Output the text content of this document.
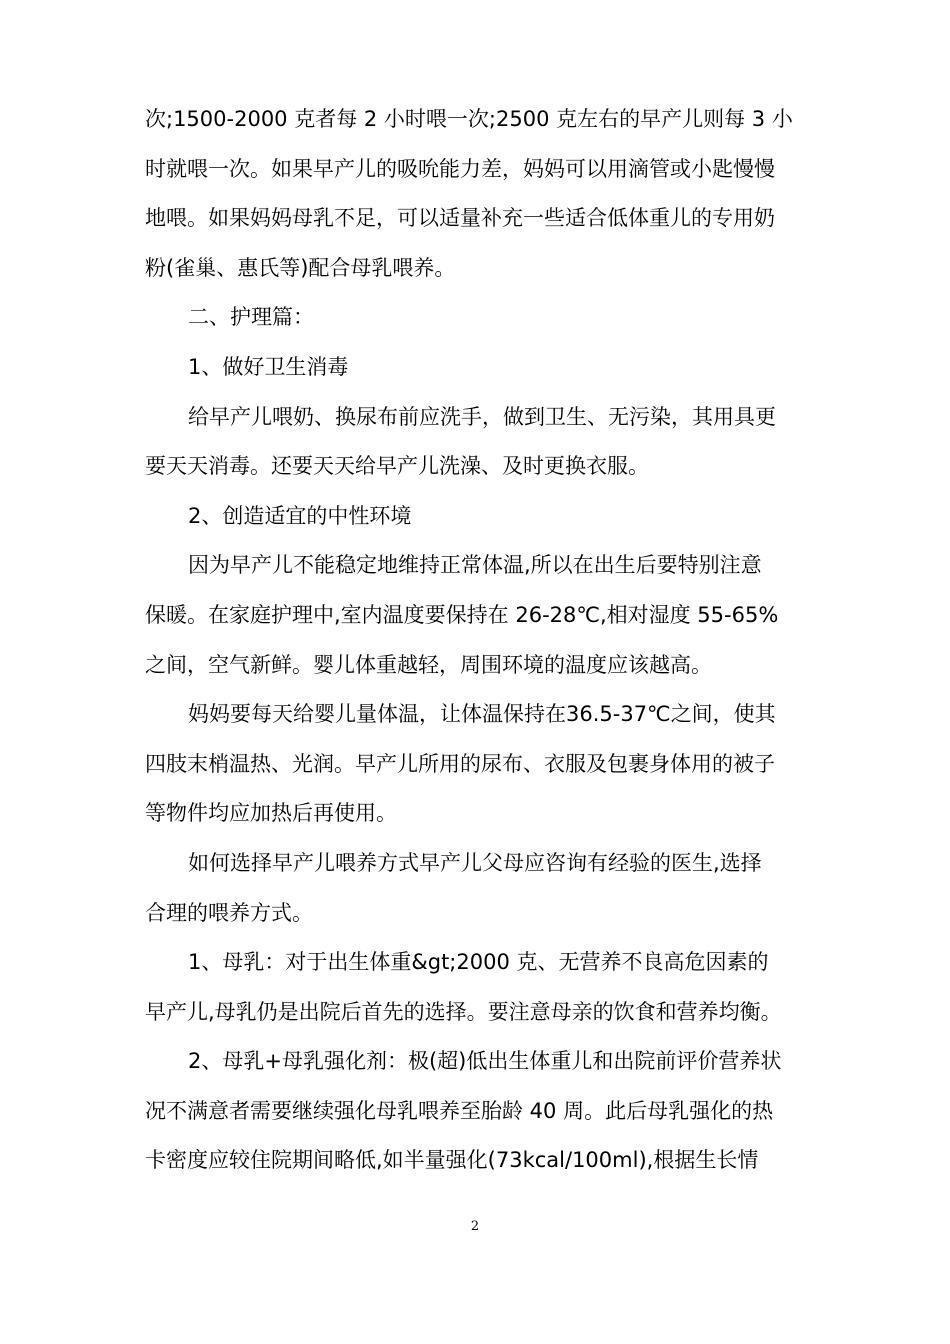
次;1500-2000 克者每 2 小时喂一次;2500 克左右的早产儿则每 3 小
时就喂一次。如果早产儿的吸吮能力差，妈妈可以用滴管或小匙慢慢
地喂。如果妈妈母乳不足，可以适量补充一些适合低体重儿的专用奶
粉(雀巢、惠氏等)配合母乳喂养。
二、护理篇：
1、做好卫生消毒
给早产儿喂奶、换尿布前应洗手，做到卫生、无污染，其用具更
要天天消毒。还要天天给早产儿洗澡、及时更换衣服。
2、创造适宜的中性环境
因为早产儿不能稳定地维持正常体温,所以在出生后要特别注意
保暖。在家庭护理中,室内温度要保持在 26-28℃,相对湿度 55-65%
之间，空气新鲜。婴儿体重越轻，周围环境的温度应该越高。
妈妈要每天给婴儿量体温，让体温保持在36.5-37℃之间，使其
四肢末梢温热、光润。早产儿所用的尿布、衣服及包裹身体用的被子
等物件均应加热后再使用。
如何选择早产儿喂养方式早产儿父母应咨询有经验的医生,选择
合理的喂养方式。
1、母乳：对于出生体重&gt;2000 克、无营养不良高危因素的
早产儿,母乳仍是出院后首先的选择。要注意母亲的饮食和营养均衡。
2、母乳+母乳强化剂：极(超)低出生体重儿和出院前评价营养状
况不满意者需要继续强化母乳喂养至胎龄 40 周。此后母乳强化的热
卡密度应较住院期间略低,如半量强化(73kcal/100ml),根据生长情
2
